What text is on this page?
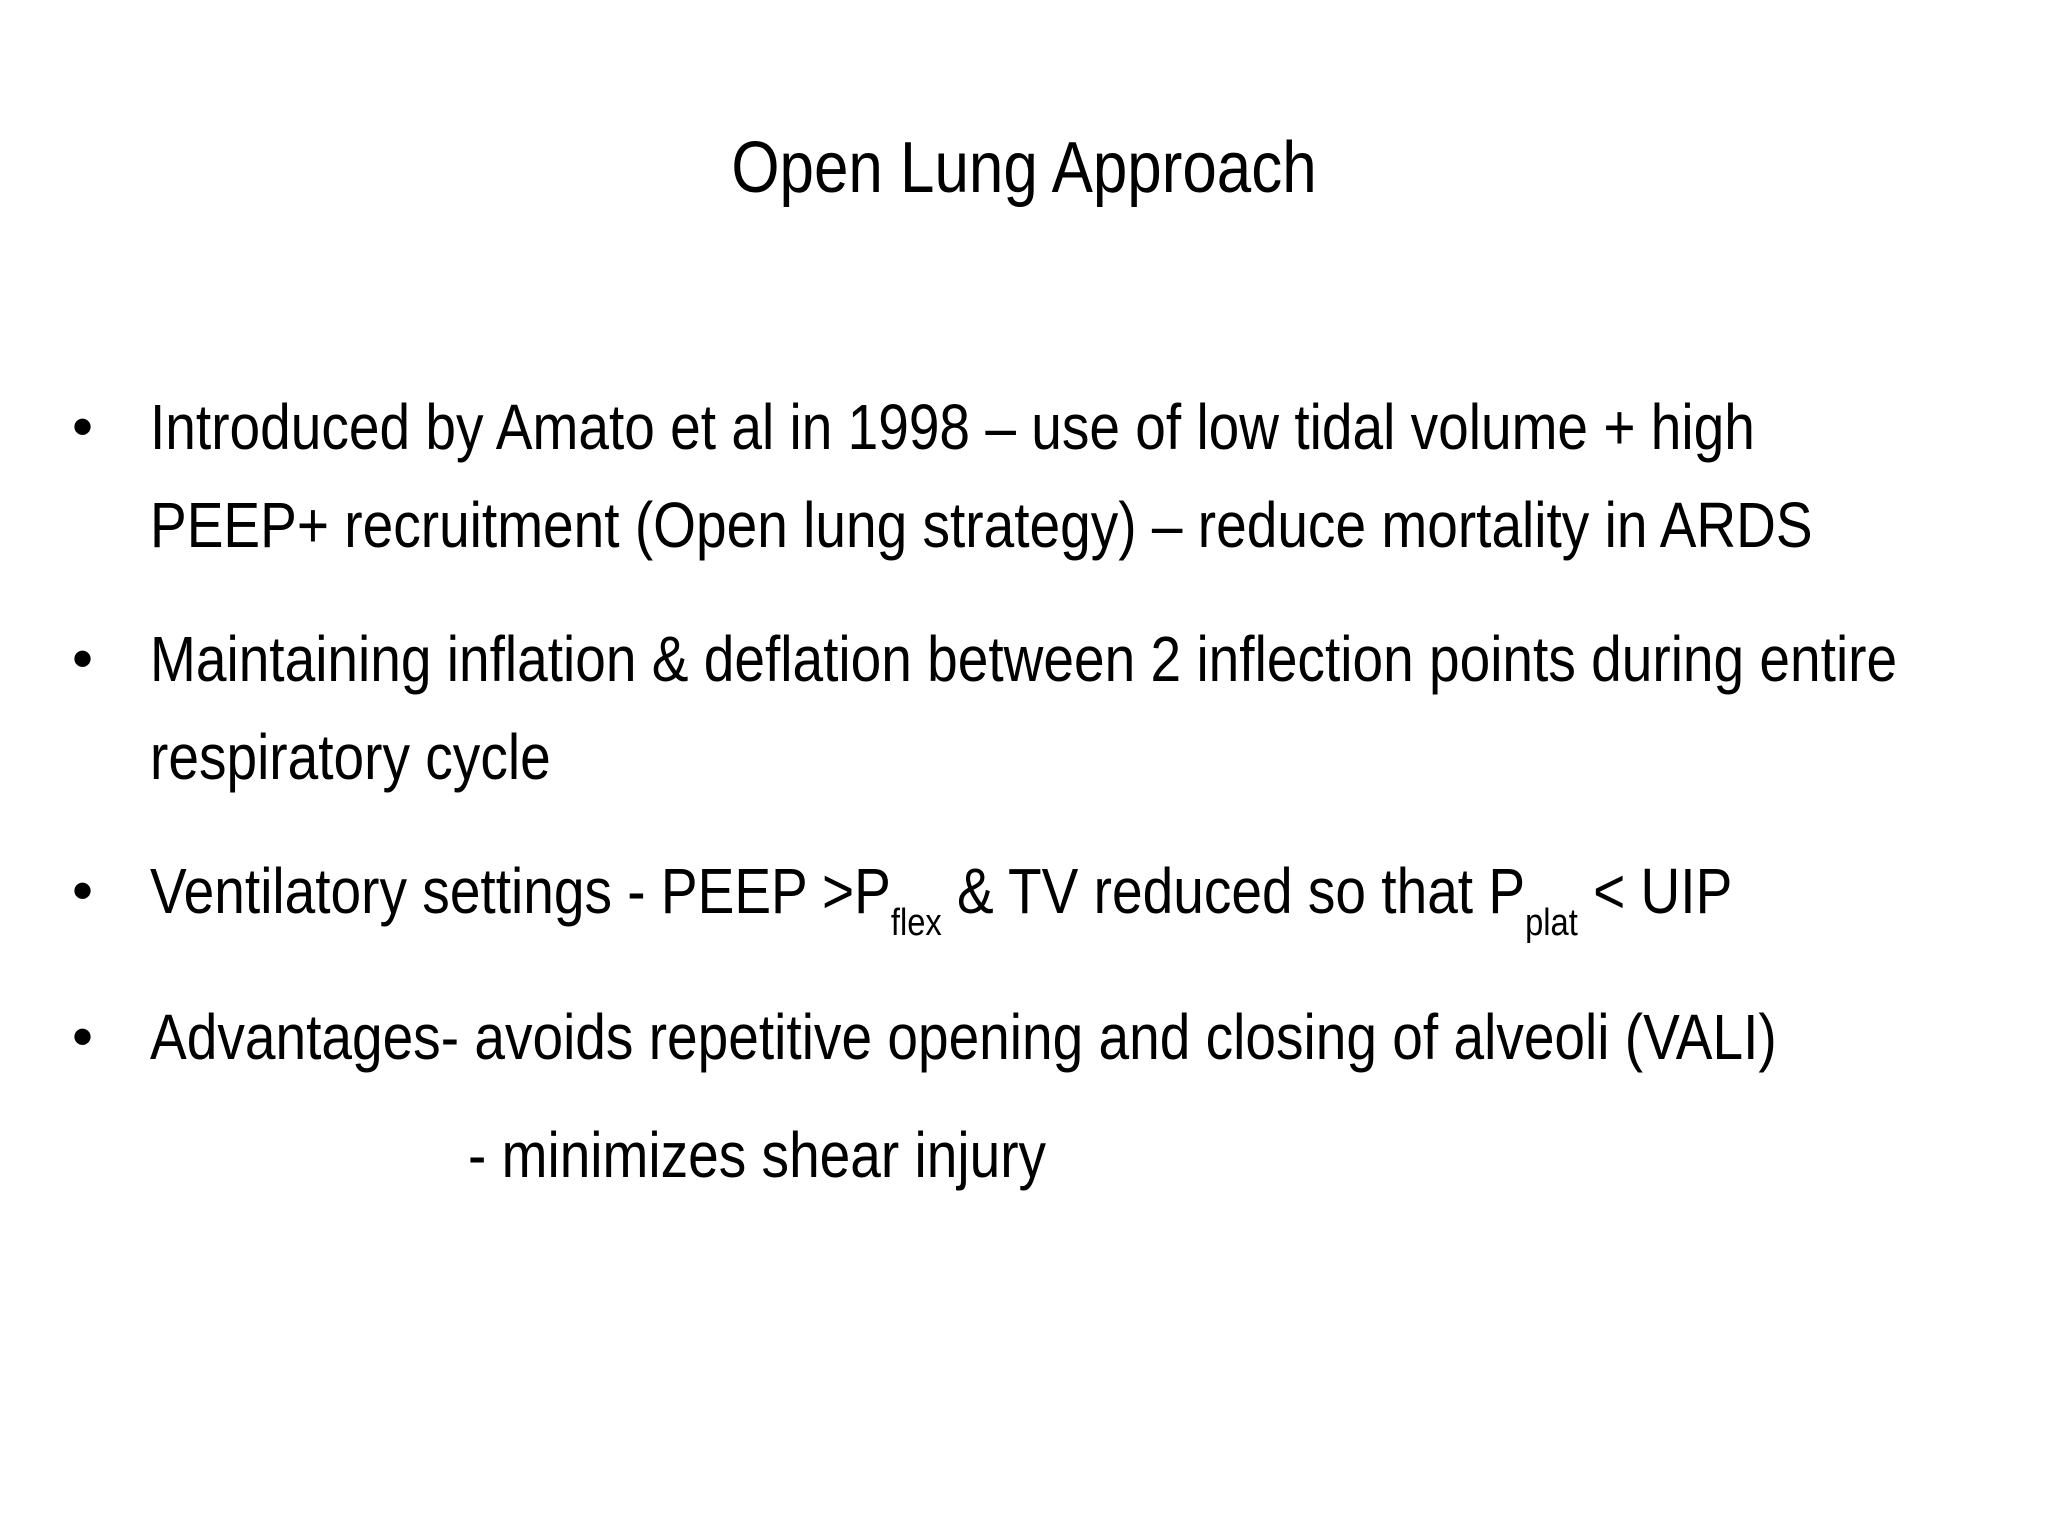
Open Lung Approach
• Introduced by Amato et al in 1998 – use of low tidal volume + high
PEEP+ recruitment (Open lung strategy) – reduce mortality in ARDS
• Maintaining inflation & deflation between 2 inflection points during entire
respiratory cycle
• Ventilatory settings - PEEP $>P_{flex}$ & TV reduced so that $P_{plat}$ < UIP
• Advantages- avoids repetitive opening and closing of alveoli (VALI)
- minimizes shear injury
